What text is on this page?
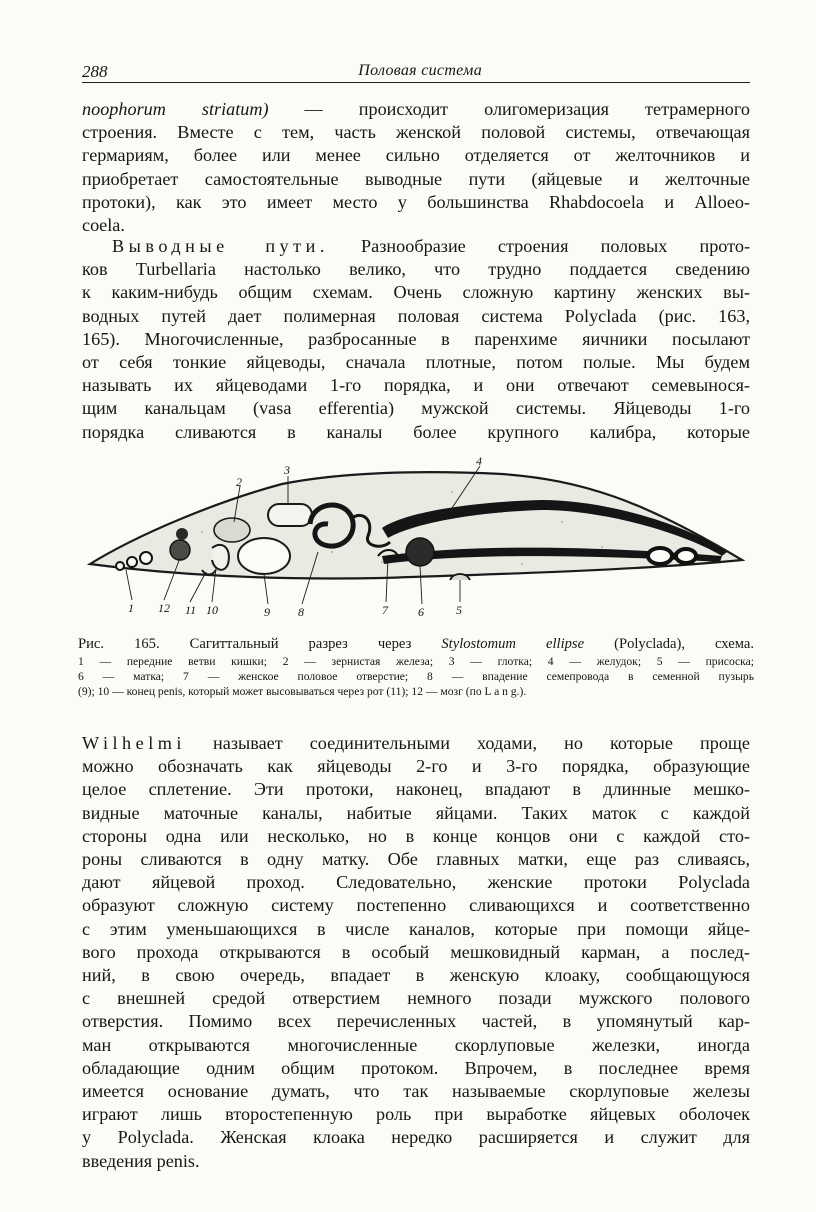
288	Половая система

noophorum striatum) — происходит олигомеризация тетрамерного

строения. Вместе с тем, часть женской половой системы, отвечающая

гермариям, более или менее сильно отделяется от желточников и

приобретает самостоятельные выводные пути (яйцевые и желточные

протоки), как это имеет место у большинства Rhabdocoela и Alloeo-

coela.

Выводные пути. Разнообразие строения половых прото-

ков Turbellaria настолько велико, что трудно поддается сведению

к каким-нибудь общим схемам. Очень сложную картину женских вы-

водных путей дает полимерная половая система Polyclada (рис. 163,

165). Многочисленные, разбросанные в паренхиме яичники посылают

от себя тонкие яйцеводы, сначала плотные, потом полые. Мы будем

называть их яйцеводами 1-го порядка, и они отвечают семевынося-

щим канальцам (vasa efferentia) мужской системы. Яйцеводы 1-го

порядка сливаются в каналы более крупного калибра, которые

2
3
4
1 12 11 10	9 8	7	6	5

Рис. 165. Сагиттальный разрез через Stylostomum ellipse (Polyclada), схема.

1 — передние ветви кишки; 2 — зернистая железа; 3 — глотка; 4 — желудок; 5 — присоска;

6 — матка; 7 — женское половое отверстие; 8 — впадение семепровода в семенной пузырь

(9); 10 — конец penis, который может высовываться через рот (11); 12 — мозг (по L a n g.).

Wilhelmi называет соединительными ходами, но которые проще

можно обозначать как яйцеводы 2-го и 3-го порядка, образующие

целое сплетение. Эти протоки, наконец, впадают в длинные мешко-

видные маточные каналы, набитые яйцами. Таких маток с каждой

стороны одна или несколько, но в конце концов они с каждой сто-

роны сливаются в одну матку. Обе главных матки, еще раз сливаясь,

дают яйцевой проход. Следовательно, женские протоки Polyclada

образуют сложную систему постепенно сливающихся и соответственно

с этим уменьшающихся в числе каналов, которые при помощи яйце-

вого прохода открываются в особый мешковидный карман, а послед-

ний, в свою очередь, впадает в женскую клоаку, сообщающуюся

с внешней средой отверстием немного позади мужского полового

отверстия. Помимо всех перечисленных частей, в упомянутый кар-

ман открываются многочисленные скорлуповые железки, иногда

обладающие одним общим протоком. Впрочем, в последнее время

имеется основание думать, что так называемые скорлуповые железы

играют лишь второстепенную роль при выработке яйцевых оболочек

у Polyclada. Женская клоака нередко расширяется и служит для

введения penis.
